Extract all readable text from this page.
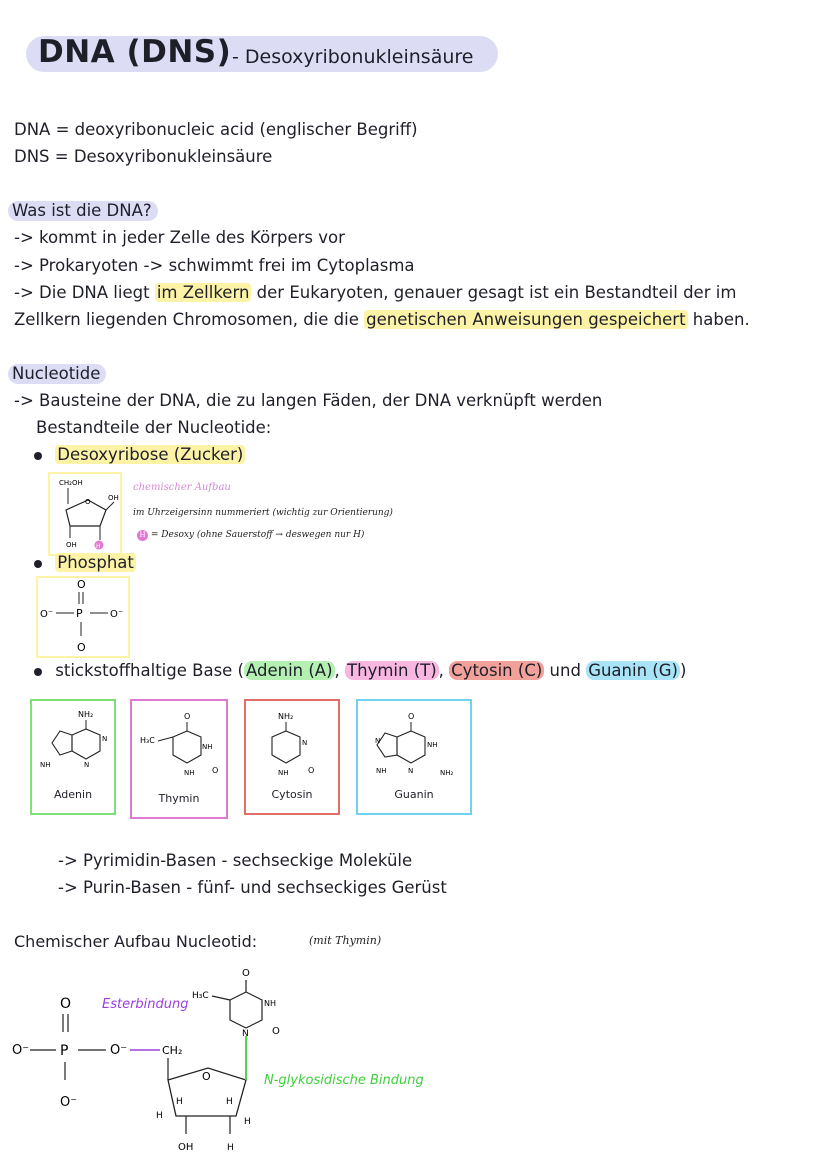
DNA (DNS) - Desoxyribonukleinsäure
DNA = deoxyribonucleic acid (englischer Begriff)
DNS = Desoxyribonukleinsäure
Was ist die DNA?
-> kommt in jeder Zelle des Körpers vor
-> Prokaryoten -> schwimmt frei im Cytoplasma
-> Die DNA liegt im Zellkern der Eukaryoten, genauer gesagt ist ein Bestandteil der im
Zellkern liegenden Chromosomen, die die genetischen Anweisungen gespeichert haben.
Nucleotide
-> Bausteine der DNA, die zu langen Fäden, der DNA verknüpft werden
Bestandteile der Nucleotide:
Desoxyribose (Zucker)
CH₂OH
O OH
OH	H
chemischer Aufbau
im Uhrzeigersinn nummeriert (wichtig zur Orientierung)
H = Desoxy (ohne Sauerstoff → deswegen nur H)
Phosphat
O
O⁻ P	O⁻
O
stickstoffhaltige Base ( Adenin (A) , Thymin (T) , Cytosin (C) und Guanin (G) )
NH₂
NH
N
N
Adenin
O
H₃C
NH
NH O
Thymin
NH₂
N
NH O
Cytosin
O
N	NH
NH	N	NH₂
Guanin
-> Pyrimidin-Basen - sechseckige Moleküle
-> Purin-Basen - fünf- und sechseckiges Gerüst
Chemischer Aufbau Nucleotid:	(mit Thymin)
O
O⁻ P	O⁻
O⁻
Esterbindung
CH₂
O
H	H
H
H
OH	H
N-glykosidische Bindung
N
NH
O
H₃C
O
